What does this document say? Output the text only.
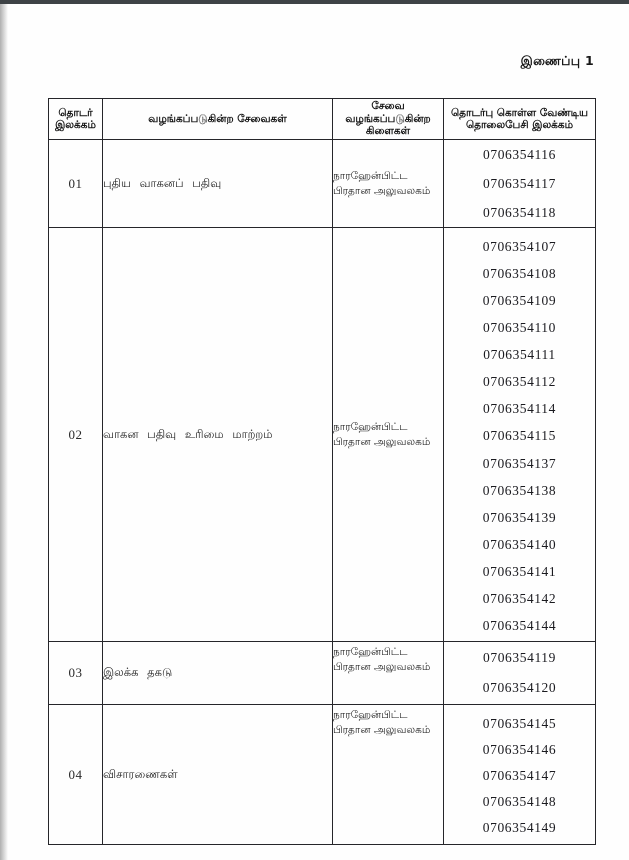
இணைப்பு 1
தொடர் இலக்கம்	வழங்கப்படுகின்ற சேவைகள்	சேவை வழங்கப்படுகின்ற கிளைகள்	தொடர்பு கொள்ள வேண்டிய தொலைபேசி இலக்கம்
01	புதிய வாகனப் பதிவு	நாரஹேன்பிட்ட பிரதான அலுவலகம்	0706354116
0706354117
0706354118

02	வாகன பதிவு உரிமை மாற்றம்	நாரஹேன்பிட்ட பிரதான அலுவலகம்	
0706354107
0706354108
0706354109
0706354110
0706354111
0706354112
0706354114
0706354115
0706354137
0706354138
0706354139
0706354140
0706354141
0706354142
0706354144

03	இலக்க தகடு	நாரஹேன்பிட்ட பிரதான அலுவலகம்	0706354119
0706354120

04	விசாரணைகள்	நாரஹேன்பிட்ட பிரதான அலுவலகம்	0706354145
0706354146
0706354147
0706354148
0706354149
